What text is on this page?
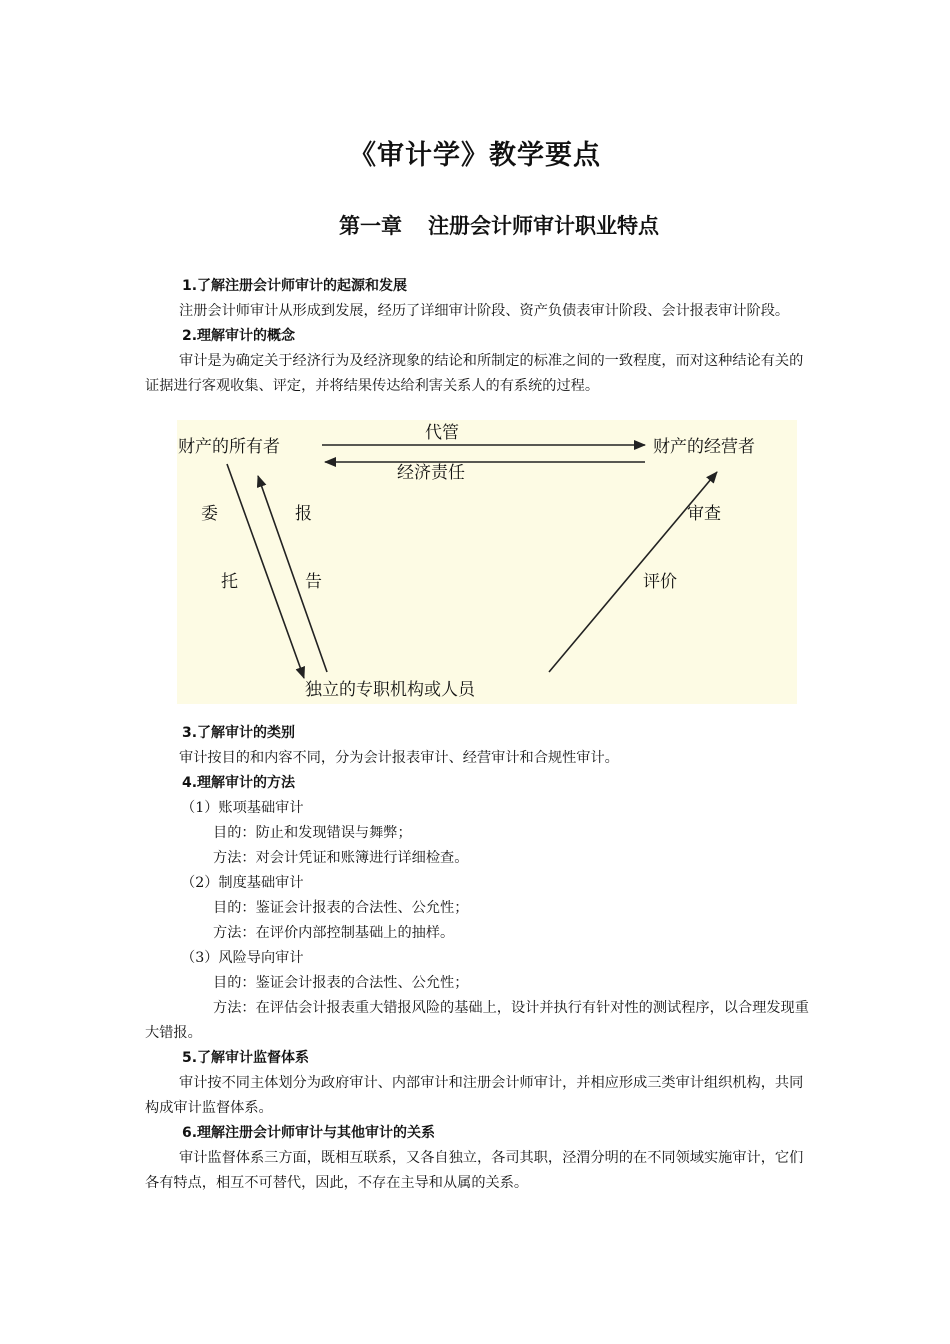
《审计学》教学要点
第一章 注册会计师审计职业特点

1.了解注册会计师审计的起源和发展

注册会计师审计从形成到发展，经历了详细审计阶段、资产负债表审计阶段、会计报表审计阶段。

2.理解审计的概念

审计是为确定关于经济行为及经济现象的结论和所制定的标准之间的一致程度，而对这种结论有关的证据进行客观收集、评定，并将结果传达给利害关系人的有系统的过程。

财产的所有者	财产的经营者
独立的专职机构或人员
代管
经济责任
委
托
报
告
审查
评价

3.了解审计的类别

审计按目的和内容不同，分为会计报表审计、经营审计和合规性审计。

4.理解审计的方法

（1）账项基础审计

目的：防止和发现错误与舞弊；

方法：对会计凭证和账簿进行详细检查。

（2）制度基础审计

目的：鉴证会计报表的合法性、公允性；

方法：在评价内部控制基础上的抽样。

（3）风险导向审计

目的：鉴证会计报表的合法性、公允性；

方法：在评估会计报表重大错报风险的基础上，设计并执行有针对性的测试程序，以合理发现重大错报。

5.了解审计监督体系

审计按不同主体划分为政府审计、内部审计和注册会计师审计，并相应形成三类审计组织机构，共同构成审计监督体系。

6.理解注册会计师审计与其他审计的关系

审计监督体系三方面，既相互联系，又各自独立，各司其职，泾渭分明的在不同领域实施审计，它们各有特点，相互不可替代，因此，不存在主导和从属的关系。
